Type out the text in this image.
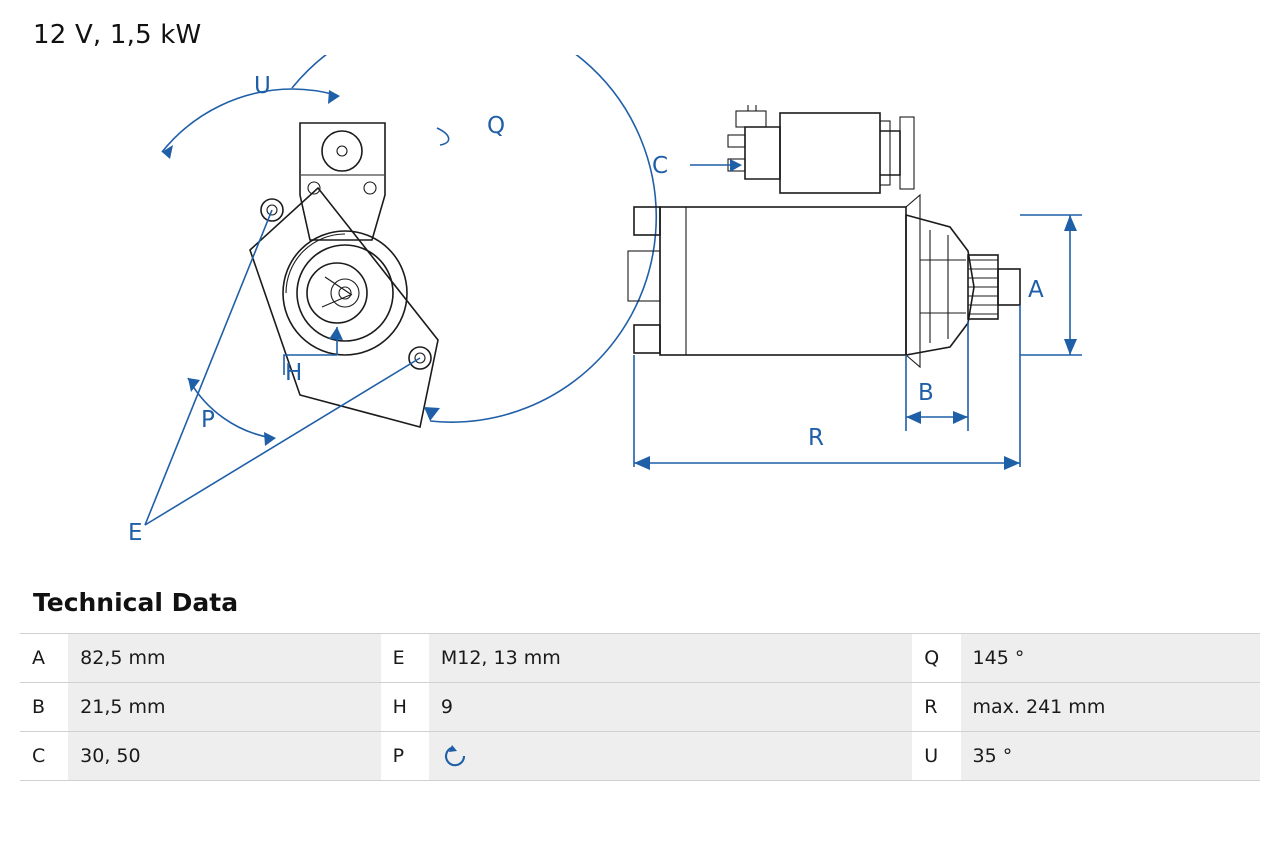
12 V, 1,5 kW
U
Q
H
P
E
C
A
B
R
Technical Data
A	82,5 mm	E	M12, 13 mm	Q	145 °
B	21,5 mm	H	9	R	max. 241 mm
C	30, 50	P		U	35 °
